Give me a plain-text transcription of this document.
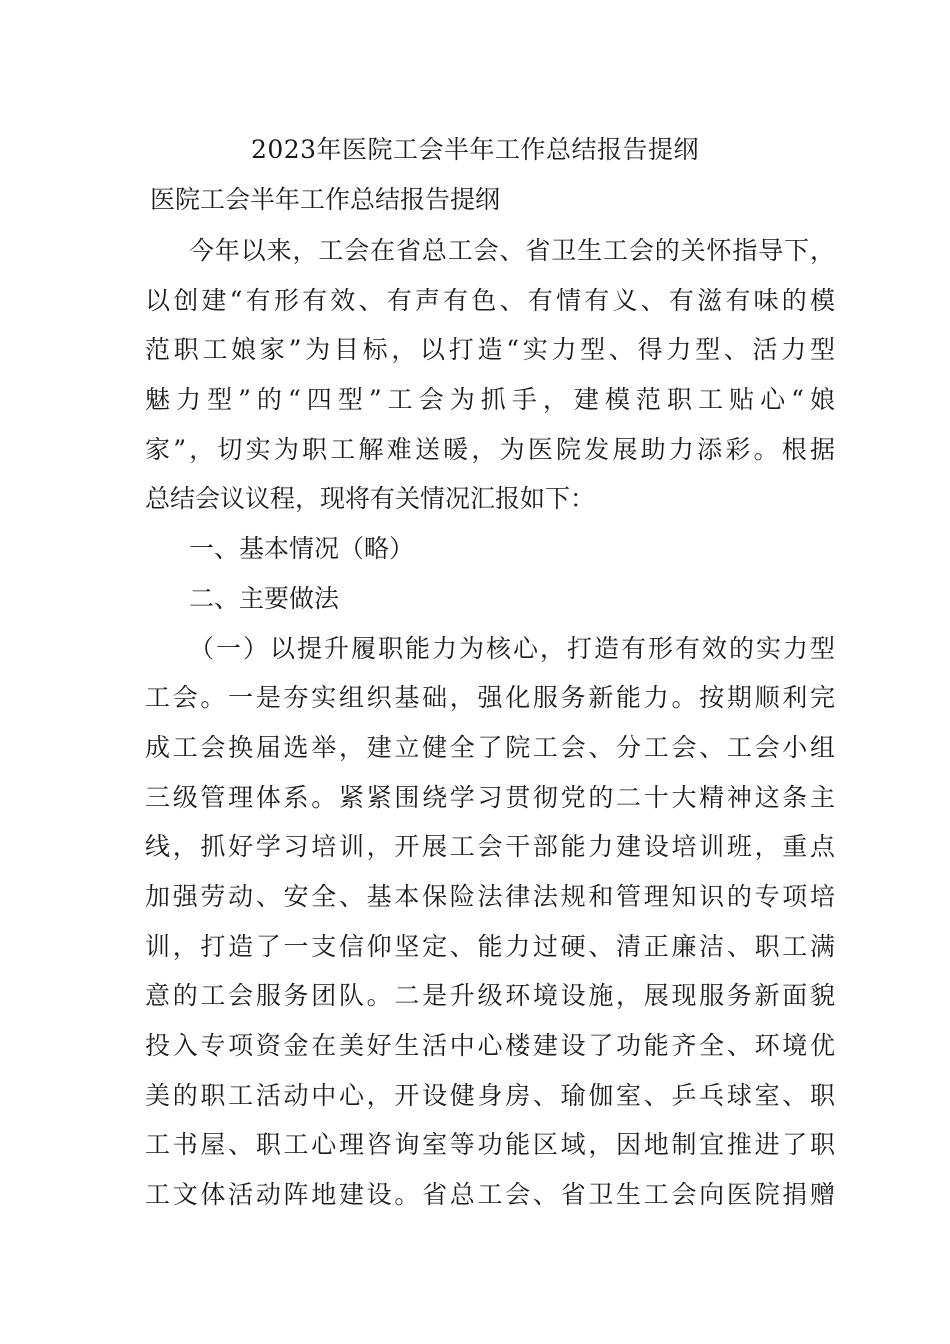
2023年医院工会半年工作总结报告提纲
医院工会半年工作总结报告提纲
今年以来，工会在省总工会、省卫生工会的关怀指导下，
以创建“有形有效、有声有色、有情有义、有滋有味的模
范职工娘家”为目标，以打造“实力型、得力型、活力型
魅力型”的“四型”工会为抓手，建模范职工贴心“娘
家”，切实为职工解难送暖，为医院发展助力添彩。根据
总结会议议程，现将有关情况汇报如下：
一、基本情况（略）
二、主要做法
（一）以提升履职能力为核心，打造有形有效的实力型
工会。一是夯实组织基础，强化服务新能力。按期顺利完
成工会换届选举，建立健全了院工会、分工会、工会小组
三级管理体系。紧紧围绕学习贯彻党的二十大精神这条主
线，抓好学习培训，开展工会干部能力建设培训班，重点
加强劳动、安全、基本保险法律法规和管理知识的专项培
训，打造了一支信仰坚定、能力过硬、清正廉洁、职工满
意的工会服务团队。二是升级环境设施，展现服务新面貌
投入专项资金在美好生活中心楼建设了功能齐全、环境优
美的职工活动中心，开设健身房、瑜伽室、乒乓球室、职
工书屋、职工心理咨询室等功能区域，因地制宜推进了职
工文体活动阵地建设。省总工会、省卫生工会向医院捐赠
